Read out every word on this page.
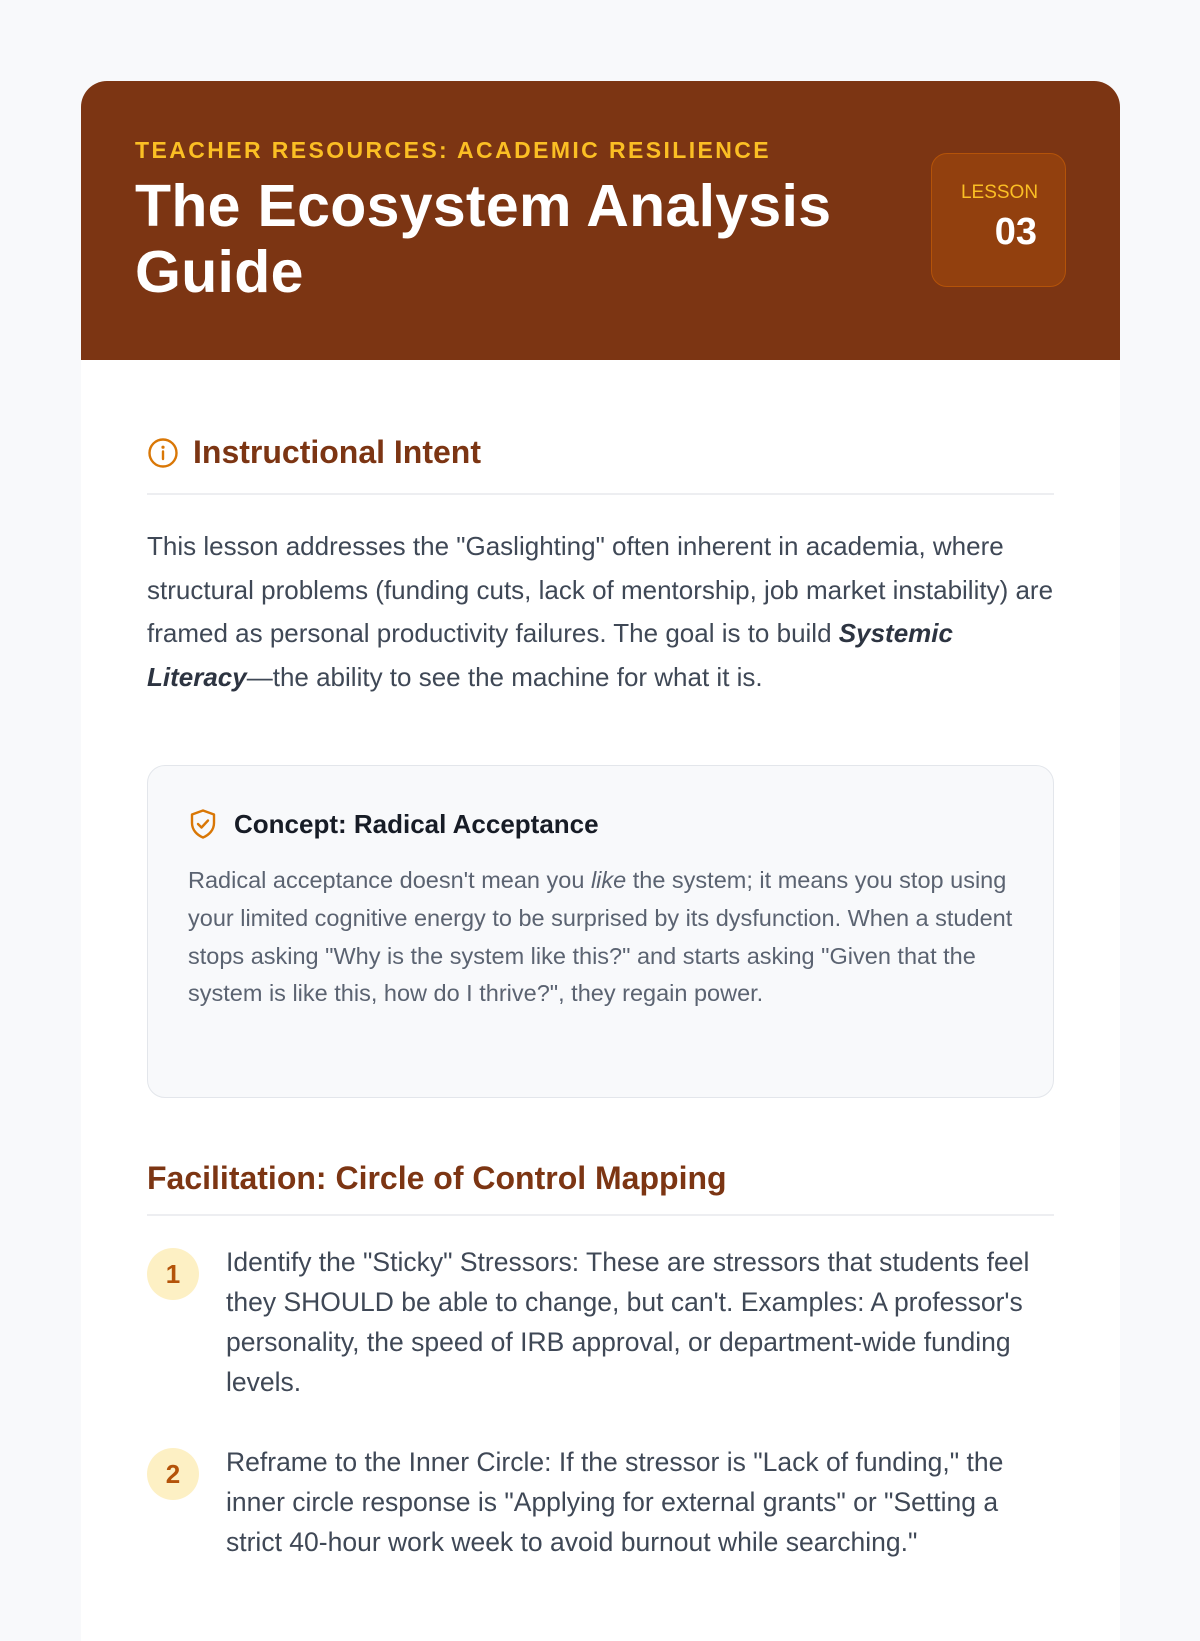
TEACHER RESOURCES: ACADEMIC RESILIENCE
The Ecosystem Analysis Guide
LESSON
03
Instructional Intent

This lesson addresses the "Gaslighting" often inherent in academia, where structural problems (funding cuts, lack of mentorship, job market instability) are framed as personal productivity failures. The goal is to build Systemic Literacy—the ability to see the machine for what it is.

Concept: Radical Acceptance

Radical acceptance doesn't mean you like the system; it means you stop using your limited cognitive energy to be surprised by its dysfunction. When a student stops asking "Why is the system like this?" and starts asking "Given that the system is like this, how do I thrive?", they regain power.

Facilitation: Circle of Control Mapping
1	Identify the "Sticky" Stressors: These are stressors that students feel they SHOULD be able to change, but can't. Examples: A professor's personality, the speed of IRB approval, or department-wide funding levels.
2	Reframe to the Inner Circle: If the stressor is "Lack of funding," the inner circle response is "Applying for external grants" or "Setting a strict 40-hour work week to avoid burnout while searching."
